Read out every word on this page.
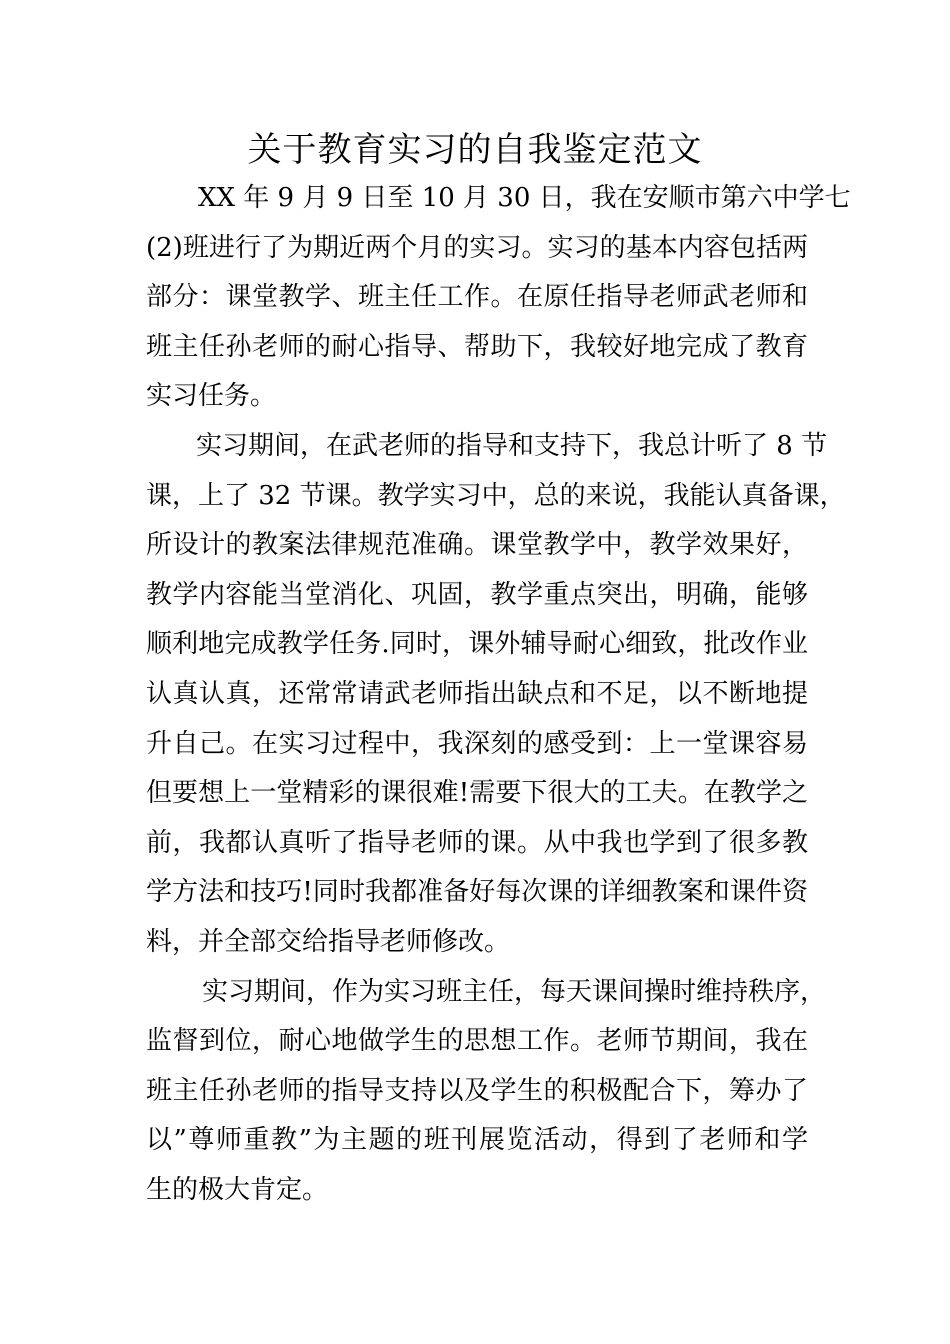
关于教育实习的自我鉴定范文
XX 年 9 月 9 日至 10 月 30 日，我在安顺市第六中学七
(2)班进行了为期近两个月的实习。实习的基本内容包括两
部分：课堂教学、班主任工作。在原任指导老师武老师和
班主任孙老师的耐心指导、帮助下，我较好地完成了教育
实习任务。
实习期间，在武老师的指导和支持下，我总计听了 8 节
课，上了 32 节课。教学实习中，总的来说，我能认真备课，
所设计的教案法律规范准确。课堂教学中，教学效果好，
教学内容能当堂消化、巩固，教学重点突出，明确，能够
顺利地完成教学任务.同时，课外辅导耐心细致，批改作业
认真认真，还常常请武老师指出缺点和不足，以不断地提
升自己。在实习过程中，我深刻的感受到：上一堂课容易
但要想上一堂精彩的课很难!需要下很大的工夫。在教学之
前，我都认真听了指导老师的课。从中我也学到了很多教
学方法和技巧!同时我都准备好每次课的详细教案和课件资
料，并全部交给指导老师修改。
实习期间，作为实习班主任，每天课间操时维持秩序，
监督到位，耐心地做学生的思想工作。老师节期间，我在
班主任孙老师的指导支持以及学生的积极配合下，筹办了
以”尊师重教”为主题的班刊展览活动，得到了老师和学
生的极大肯定。
